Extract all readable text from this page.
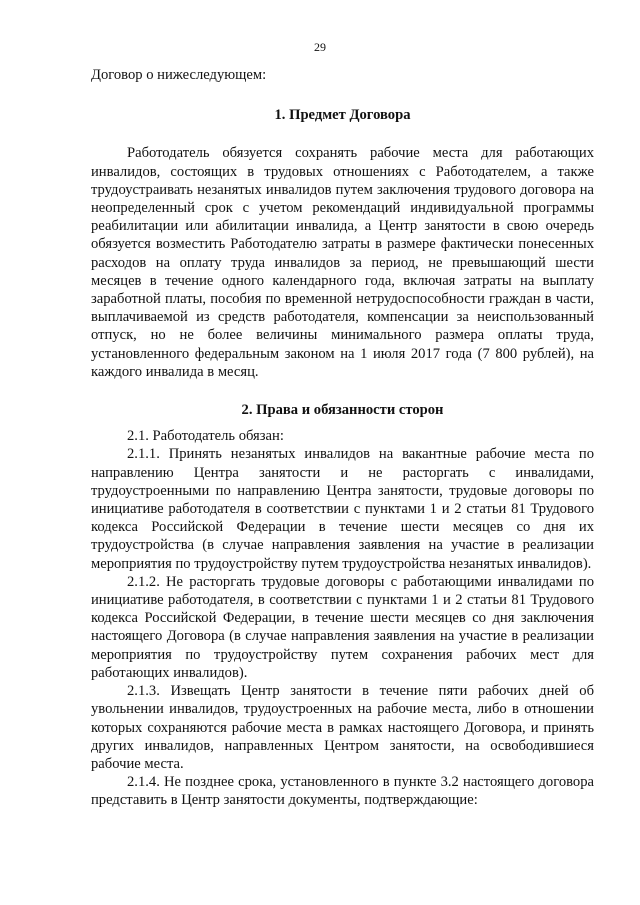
29

Договор о нижеследующем:

1. Предмет Договора

Работодатель обязуется сохранять рабочие места для работающих инвалидов, состоящих в трудовых отношениях с Работодателем, а также трудоустраивать незанятых инвалидов путем заключения трудового договора на неопределенный срок с учетом рекомендаций индивидуальной программы реабилитации или абилитации инвалида, а Центр занятости в свою очередь обязуется возместить Работодателю затраты в размере фактически понесенных расходов на оплату труда инвалидов за период, не превышающий шести месяцев в течение одного календарного года, включая затраты на выплату заработной платы, пособия по временной нетрудоспособности граждан в части, выплачиваемой из средств работодателя, компенсации за неиспользованный отпуск, но не более величины минимального размера оплаты труда, установленного федеральным законом на 1 июля 2017 года (7 800 рублей), на каждого инвалида в месяц.

2. Права и обязанности сторон

2.1. Работодатель обязан:

2.1.1. Принять незанятых инвалидов на вакантные рабочие места по направлению Центра занятости и не расторгать с инвалидами, трудоустроенными по направлению Центра занятости, трудовые договоры по инициативе работодателя в соответствии с пунктами 1 и 2 статьи 81 Трудового кодекса Российской Федерации в течение шести месяцев со дня их трудоустройства (в случае направления заявления на участие в реализации мероприятия по трудоустройству путем трудоустройства незанятых инвалидов).

2.1.2. Не расторгать трудовые договоры с работающими инвалидами по инициативе работодателя, в соответствии с пунктами 1 и 2 статьи 81 Трудового кодекса Российской Федерации, в течение шести месяцев со дня заключения настоящего Договора (в случае направления заявления на участие в реализации мероприятия по трудоустройству путем сохранения рабочих мест для работающих инвалидов).

2.1.3. Извещать Центр занятости в течение пяти рабочих дней об увольнении инвалидов, трудоустроенных на рабочие места, либо в отношении которых сохраняются рабочие места в рамках настоящего Договора, и принять других инвалидов, направленных Центром занятости, на освободившиеся рабочие места.

2.1.4. Не позднее срока, установленного в пункте 3.2 настоящего договора представить в Центр занятости документы, подтверждающие:
